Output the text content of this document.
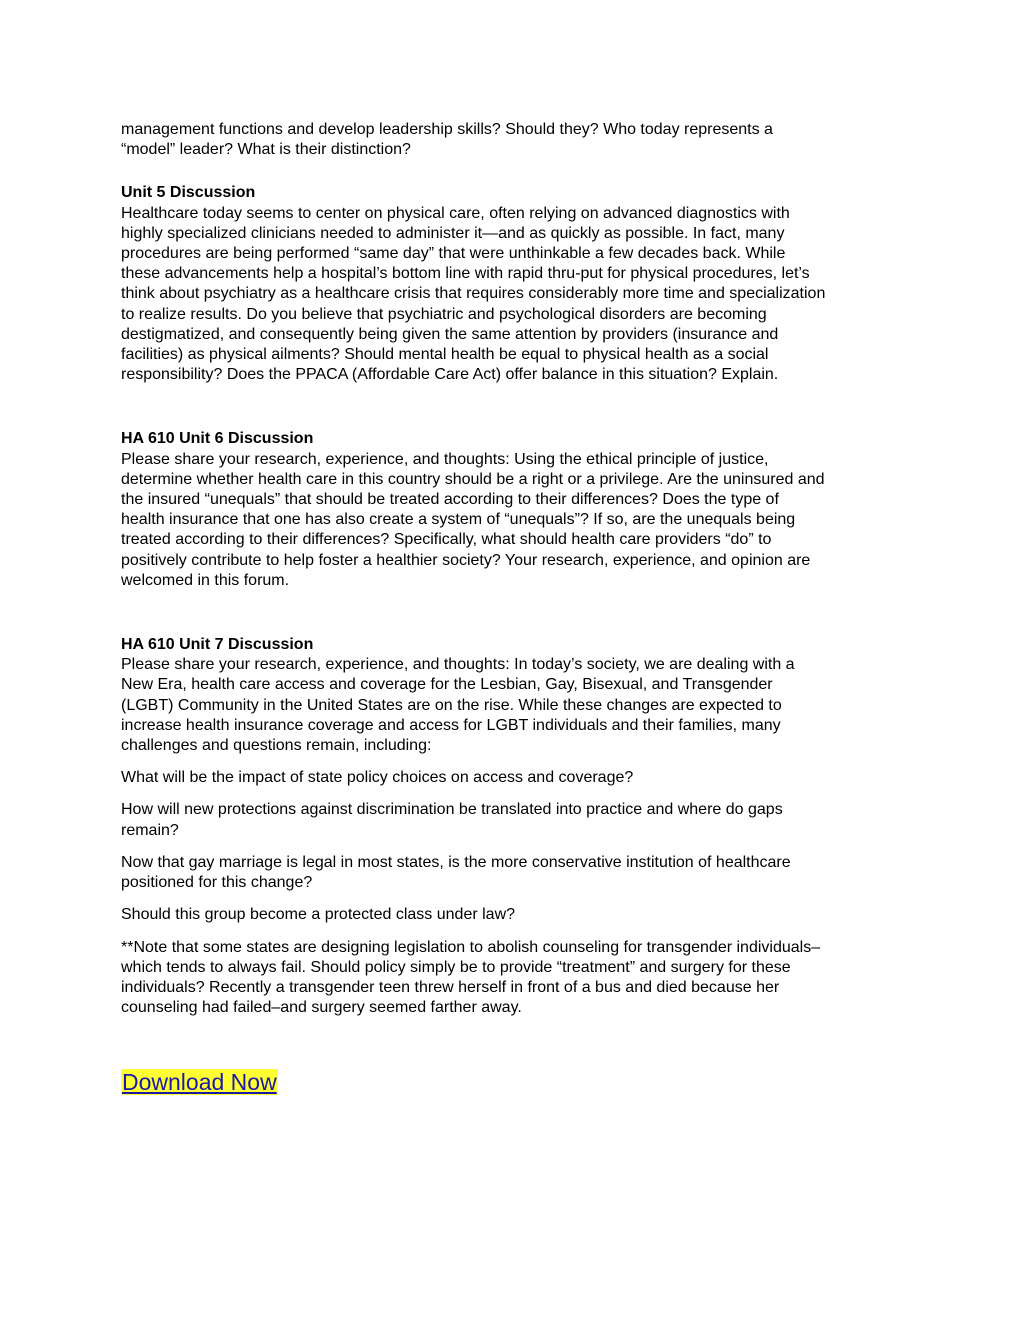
management functions and develop leadership skills? Should they? Who today represents a
“model” leader? What is their distinction?

Unit 5 Discussion

Healthcare today seems to center on physical care, often relying on advanced diagnostics with
highly specialized clinicians needed to administer it—and as quickly as possible. In fact, many
procedures are being performed “same day” that were unthinkable a few decades back. While
these advancements help a hospital’s bottom line with rapid thru-put for physical procedures, let’s
think about psychiatry as a healthcare crisis that requires considerably more time and specialization
to realize results. Do you believe that psychiatric and psychological disorders are becoming
destigmatized, and consequently being given the same attention by providers (insurance and
facilities) as physical ailments? Should mental health be equal to physical health as a social
responsibility? Does the PPACA (Affordable Care Act) offer balance in this situation? Explain.

HA 610 Unit 6 Discussion

Please share your research, experience, and thoughts: Using the ethical principle of justice,
determine whether health care in this country should be a right or a privilege. Are the uninsured and
the insured “unequals” that should be treated according to their differences? Does the type of
health insurance that one has also create a system of “unequals”? If so, are the unequals being
treated according to their differences? Specifically, what should health care providers “do” to
positively contribute to help foster a healthier society? Your research, experience, and opinion are
welcomed in this forum.

HA 610 Unit 7 Discussion

Please share your research, experience, and thoughts: In today’s society, we are dealing with a
New Era, health care access and coverage for the Lesbian, Gay, Bisexual, and Transgender
(LGBT) Community in the United States are on the rise. While these changes are expected to
increase health insurance coverage and access for LGBT individuals and their families, many
challenges and questions remain, including:

What will be the impact of state policy choices on access and coverage?

How will new protections against discrimination be translated into practice and where do gaps
remain?

Now that gay marriage is legal in most states, is the more conservative institution of healthcare
positioned for this change?

Should this group become a protected class under law?

**Note that some states are designing legislation to abolish counseling for transgender individuals–
which tends to always fail. Should policy simply be to provide “treatment” and surgery for these
individuals? Recently a transgender teen threw herself in front of a bus and died because her
counseling had failed–and surgery seemed farther away.

Download Now
